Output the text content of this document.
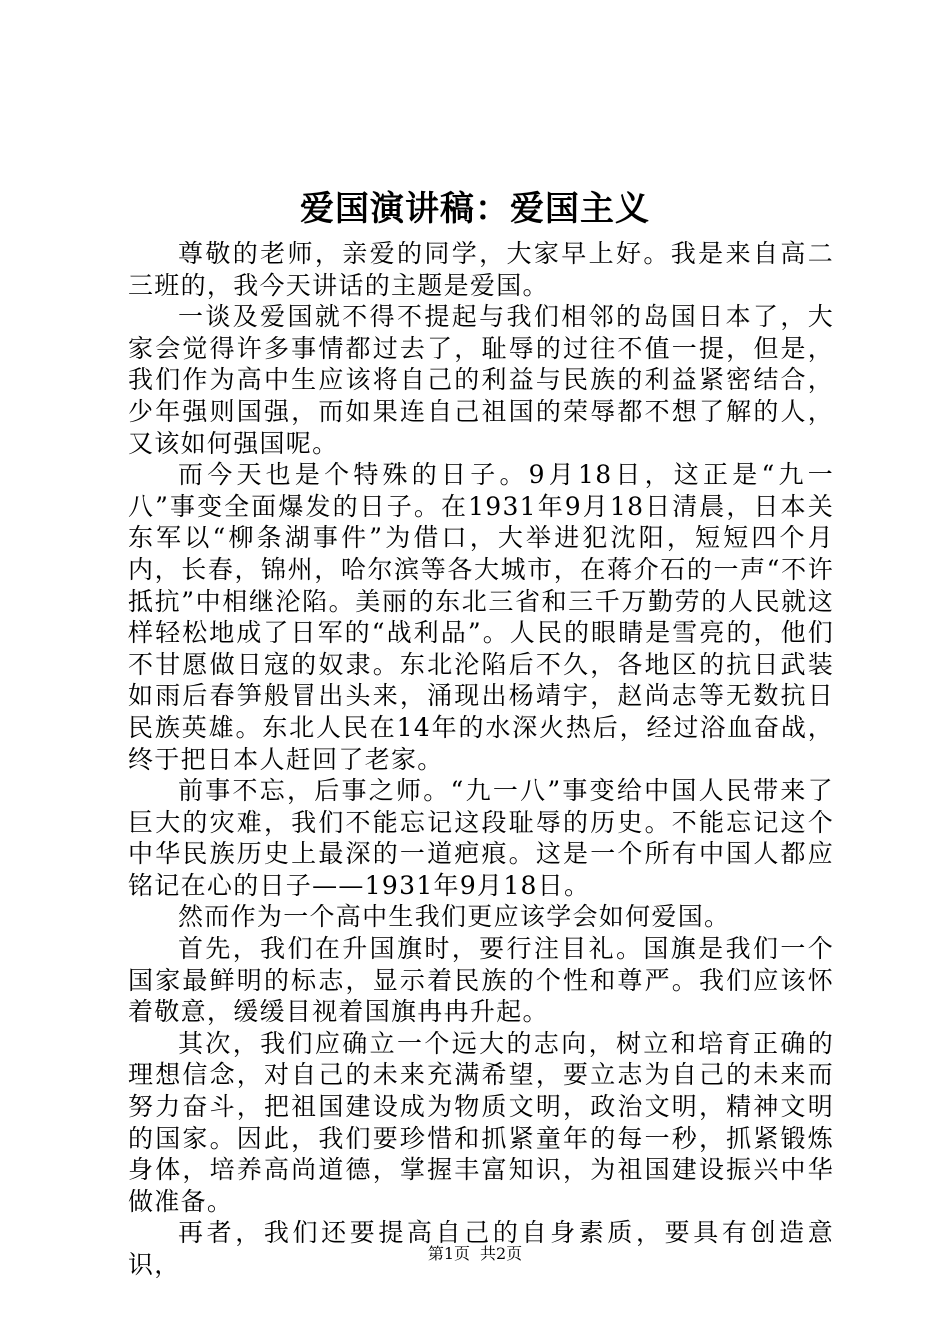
爱国演讲稿：爱国主义

尊敬的老师，亲爱的同学，大家早上好。我是来自高二三班的，我今天讲话的主题是爱国。

一谈及爱国就不得不提起与我们相邻的岛国日本了，大家会觉得许多事情都过去了，耻辱的过往不值一提，但是，我们作为高中生应该将自己的利益与民族的利益紧密结合，少年强则国强，而如果连自己祖国的荣辱都不想了解的人，又该如何强国呢。

而今天也是个特殊的日子。9月18日，这正是“九一八”事变全面爆发的日子。在1931年9月18日清晨，日本关东军以“柳条湖事件”为借口，大举进犯沈阳，短短四个月内，长春，锦州，哈尔滨等各大城市，在蒋介石的一声“不许抵抗”中相继沦陷。美丽的东北三省和三千万勤劳的人民就这样轻松地成了日军的“战利品”。人民的眼睛是雪亮的，他们不甘愿做日寇的奴隶。东北沦陷后不久，各地区的抗日武装如雨后春笋般冒出头来，涌现出杨靖宇，赵尚志等无数抗日民族英雄。东北人民在14年的水深火热后，经过浴血奋战，终于把日本人赶回了老家。

前事不忘，后事之师。“九一八”事变给中国人民带来了巨大的灾难，我们不能忘记这段耻辱的历史。不能忘记这个中华民族历史上最深的一道疤痕。这是一个所有中国人都应铭记在心的日子——1931年9月18日。

然而作为一个高中生我们更应该学会如何爱国。

首先，我们在升国旗时，要行注目礼。国旗是我们一个国家最鲜明的标志，显示着民族的个性和尊严。我们应该怀着敬意，缓缓目视着国旗冉冉升起。

其次，我们应确立一个远大的志向，树立和培育正确的理想信念，对自己的未来充满希望，要立志为自己的未来而努力奋斗，把祖国建设成为物质文明，政治文明，精神文明的国家。因此，我们要珍惜和抓紧童年的每一秒，抓紧锻炼身体，培养高尚道德，掌握丰富知识，为祖国建设振兴中华做准备。

再者，我们还要提高自己的自身素质，要具有创造意识，	第1页 共2页
